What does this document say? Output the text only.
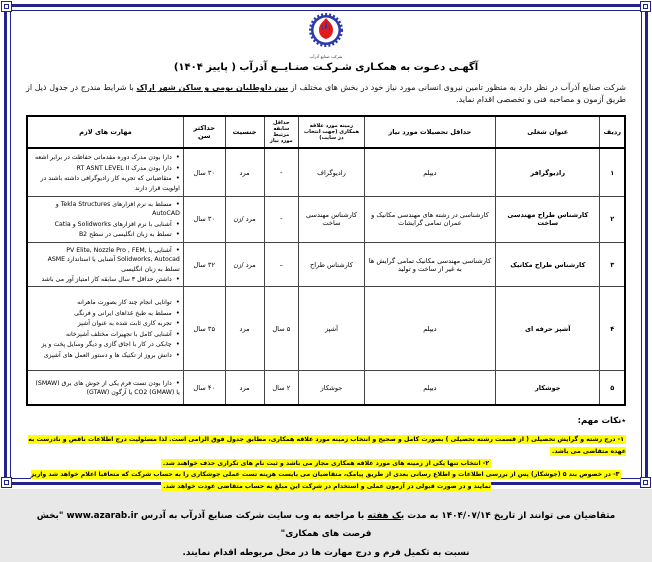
شرکت صنایع آذرآب
آگهـی دعـوت به همکـاری شـرکـت صنـایــع آذرآب ( پاییز ۱۴۰۴)

شرکت صنایع آذرآب در نظر دارد به منظور تامین نیروی انسانی مورد نیاز خود در بخش های مختلف از بین داوطلبان بومی و ساکن شهر اراک با شرایط مندرج در جدول ذیل از طریق آزمون و مصاحبه فنی و تخصصی اقدام نماید.

ردیف	عنوان شغلی	حداقل تحصیلات مورد نیاز	زمینه مورد علاقه همکاری (جهت انتخاب در سایت)	حداقل سابقه مرتبط مورد نیاز	جنسیت	حداکثر سن	مهارت های لازم
۱	رادیوگرافر	دیپلم	رادیوگراف	-	مرد	۳۰ سال	
• دارا بودن مدرک دوره مقدماتی حفاظت در برابر اشعه
• دارا بودن مدرک RT ASNT LEVEL II
• متقاضیانی که تجربه کار رادیوگرافی داشته باشند در اولویت قرار دارند

۲	کارشناس طراح مهندسی ساخت	کارشناسی در رشته های مهندسی مکانیک و عمران تمامی گرایشات	کارشناس مهندسی ساخت	-	مرد /زن	۳۰ سال	
• مسلط به نرم افزارهای Tekla Structures و AutoCAD
• آشنایی با نرم افزارهای Solidworks و Catia
• تسلط به زبان انگلیسی در سطح B2

۳	کارشناس طراح مکانیک	کارشناسی مهندسی مکانیک تمامی گرایش ها به غیر از ساخت و تولید	کارشناس طراح	–	مرد /زن	۳۲ سال	
• آشنایی با PV Elite, Nozzle Pro , FEM, Solidworks, Autocad آشنایی با استاندارد ASME تسلط به زبان انگلیسی
• داشتن حداقل ۳ سال سابقه کار امتیاز آور می باشد

۴	آشپز حرفه ای	دیپلم	آشپز	۵ سال	مرد	۳۵ سال	
• توانایی انجام چند کار بصورت ماهرانه
• مسلط به طبخ غذاهای ایرانی و فرنگی
• تجربه کاری ثابت شده به عنوان آشپز
• آشنایی کامل با تجهیزات مختلف آشپزخانه
• چابکی در کار با اجاق گازی و دیگر وسایل پخت و پز
• دانش بروز از تکنیک ها و دستور العمل های آشپزی

۵	جوشکار	دیپلم	جوشکار	۲ سال	مرد	۴۰ سال	
• دارا بودن تست فرم یکی از جوش های برق (SMAW) یا CO2 (GMAW) یا آرگون (GTAW)
٭نکات مهم:
۱- درج رشته و گرایش تحصیلی ( از قسمت رشته تحصیلی ) بصورت کامل و صحیح و انتخاب زمینه مورد علاقه همکاری، مطابق جدول فوق الزامی است. لذا مسئولیت درج اطلاعات ناقص و نادرست به عهده متقاضی می باشد.
۲- انتخاب تنها یکی از زمینه های مورد علاقه همکاری مجاز می باشد و ثبت نام های تکراری حذف خواهند شد.
۳- در خصوص بند ۵ (جوشکار) پس از بررسی اطلاعات و اطلاع رسانی بعدی از طریق پیامک، متقاضیان می بایست هزینه تست عملی جوشکاری را به حساب شرکت که متعاقبا اعلام خواهد شد واریز نمایند و در صورت قبولی در آزمون عملی و استخدام در شرکت این مبلغ به حساب متقاضی عودت خواهد شد.
متقاضیان می توانند از تاریخ ۱۴۰۴/۰۷/۱۴ به مدت یک هفته با مراجعه به وب سایت شرکت صنایع آذرآب به آدرس www.azarab.ir "بخش فرصت های همکاری"
نسبت به تکمیل فرم و درج مهارت ها در محل مربوطه اقدام نمایند.
